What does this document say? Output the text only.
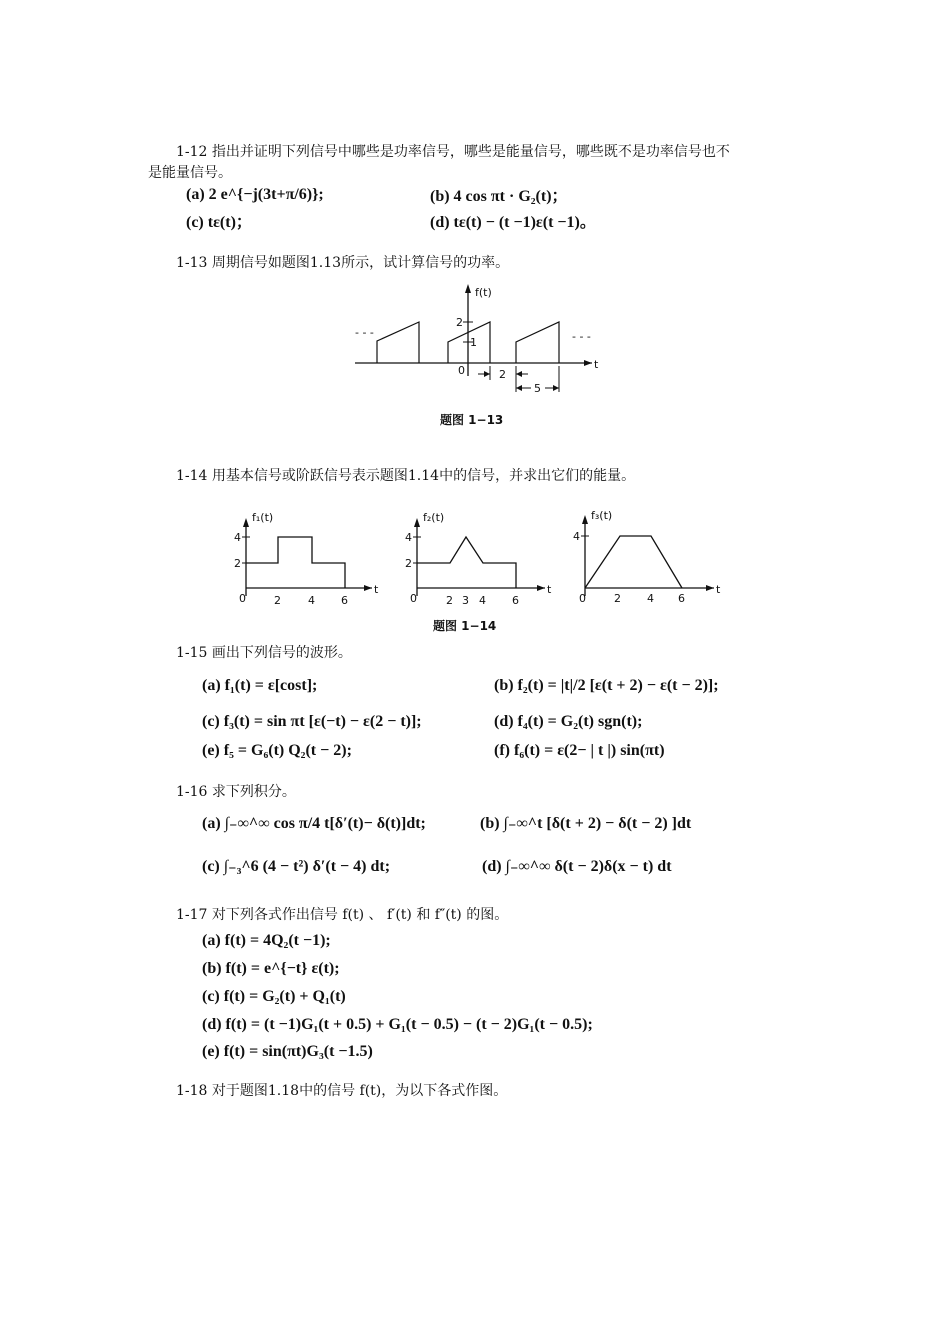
1-12 指出并证明下列信号中哪些是功率信号，哪些是能量信号，哪些既不是功率信号也不
是能量信号。
(a) 2 e^{−j(3t+π/6)};	(b) 4 cos πt · G₂(t)；
(c) tε(t)；	(d) tε(t) − (t −1)ε(t −1)。
1-13 周期信号如题图1.13所示，试计算信号的功率。
f(t)
2
1
0	t
2
5
- - -	- - -
题图 1−13
1-14 用基本信号或阶跃信号表示题图1.14中的信号，并求出它们的能量。
f₁(t)
4
2
0	2 4 6
t
f₂(t)
4
2
0	2 3 4 6
t
f₃(t)
4
0	2 4 6
t
题图 1−14
1-15 画出下列信号的波形。
(a) f₁(t) = ε[cost];	(b) f₂(t) = |t|/2 [ε(t + 2) − ε(t − 2)];
(c) f₃(t) = sin πt [ε(−t) − ε(2 − t)];	(d) f₄(t) = G₂(t) sgn(t);
(e) f₅ = G₆(t) Q₂(t − 2);	(f) f₆(t) = ε(2− | t |) sin(πt)
1-16 求下列积分。
(a) ∫₋∞^∞ cos π/4 t[δ′(t)− δ(t)]dt;	(b) ∫₋∞^t [δ(t + 2) − δ(t − 2) ]dt
(c) ∫₋₃^6 (4 − t²) δ′(t − 4) dt;	(d) ∫₋∞^∞ δ(t − 2)δ(x − t) dt
1-17 对下列各式作出信号 f(t) 、 f′(t) 和 f″(t) 的图。
(a) f(t) = 4Q₂(t −1);
(b) f(t) = e^{−t} ε(t);
(c) f(t) = G₂(t) + Q₁(t)
(d) f(t) = (t −1)G₁(t + 0.5) + G₁(t − 0.5) − (t − 2)G₁(t − 0.5);
(e) f(t) = sin(πt)G₃(t −1.5)
1-18 对于题图1.18中的信号 f(t)，为以下各式作图。
